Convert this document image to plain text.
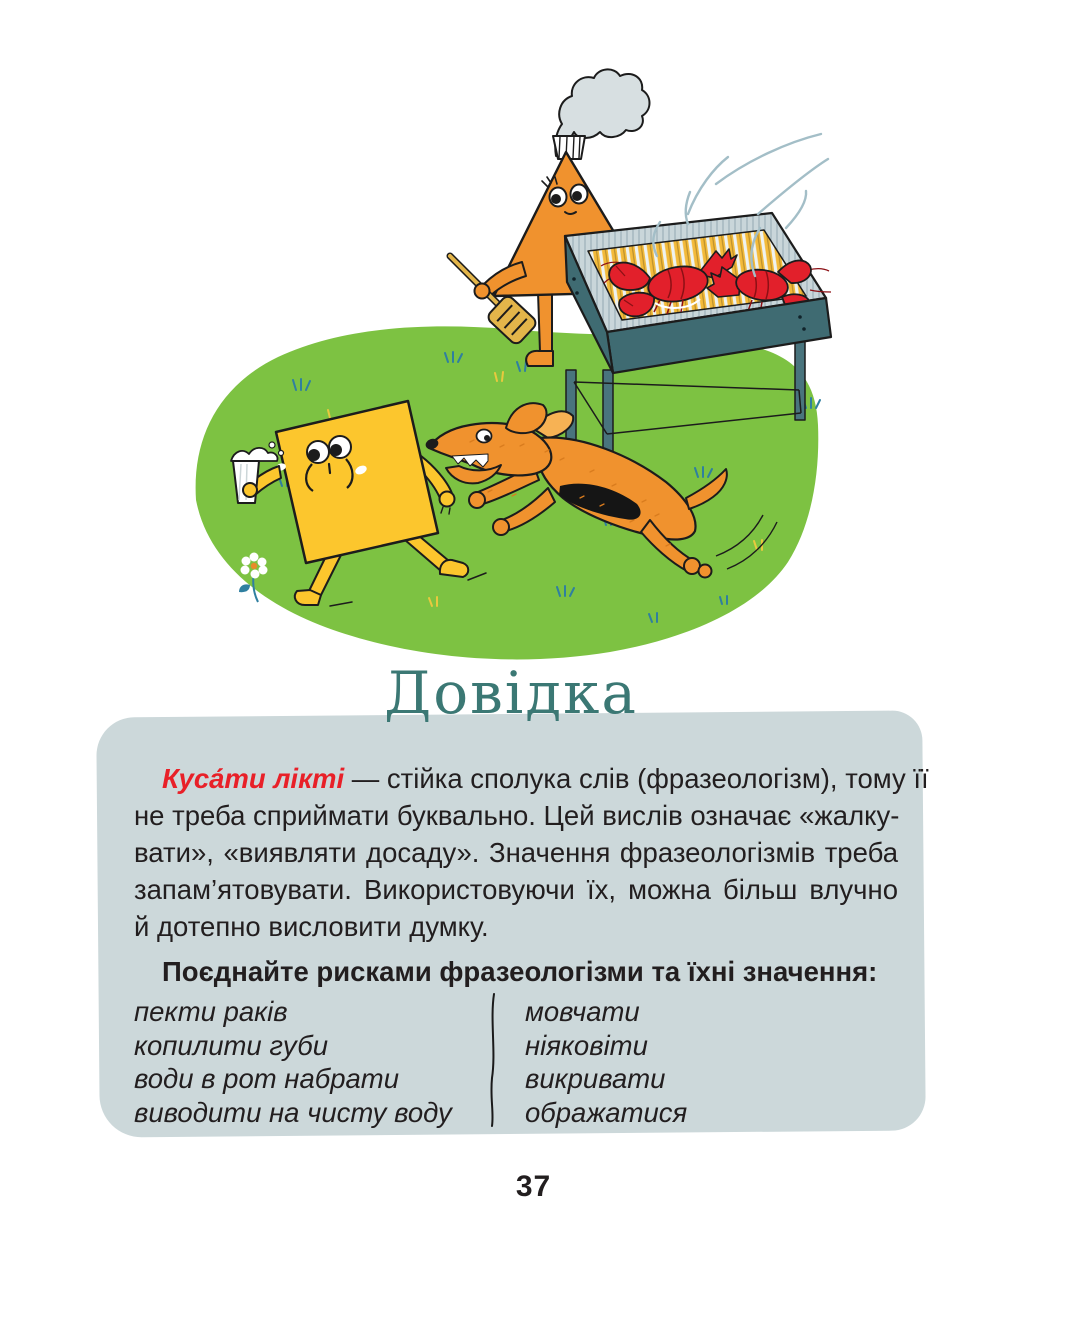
Довідка
Куса́ти лікті — стійка сполука слів (фразеологізм), тому її
не треба сприймати буквально. Цей вислів означає «жалку-
вати», «виявляти досаду». Значення фразеологізмів треба
запам’ятовувати. Використовуючи їх, можна більш влучно
й дотепно висловити думку.
Поєднайте рисками фразеологізми та їхні значення:
пекти раків
копилити губи
води в рот набрати
виводити на чисту воду
мовчати
ніяковіти
викривати
ображатися
37
